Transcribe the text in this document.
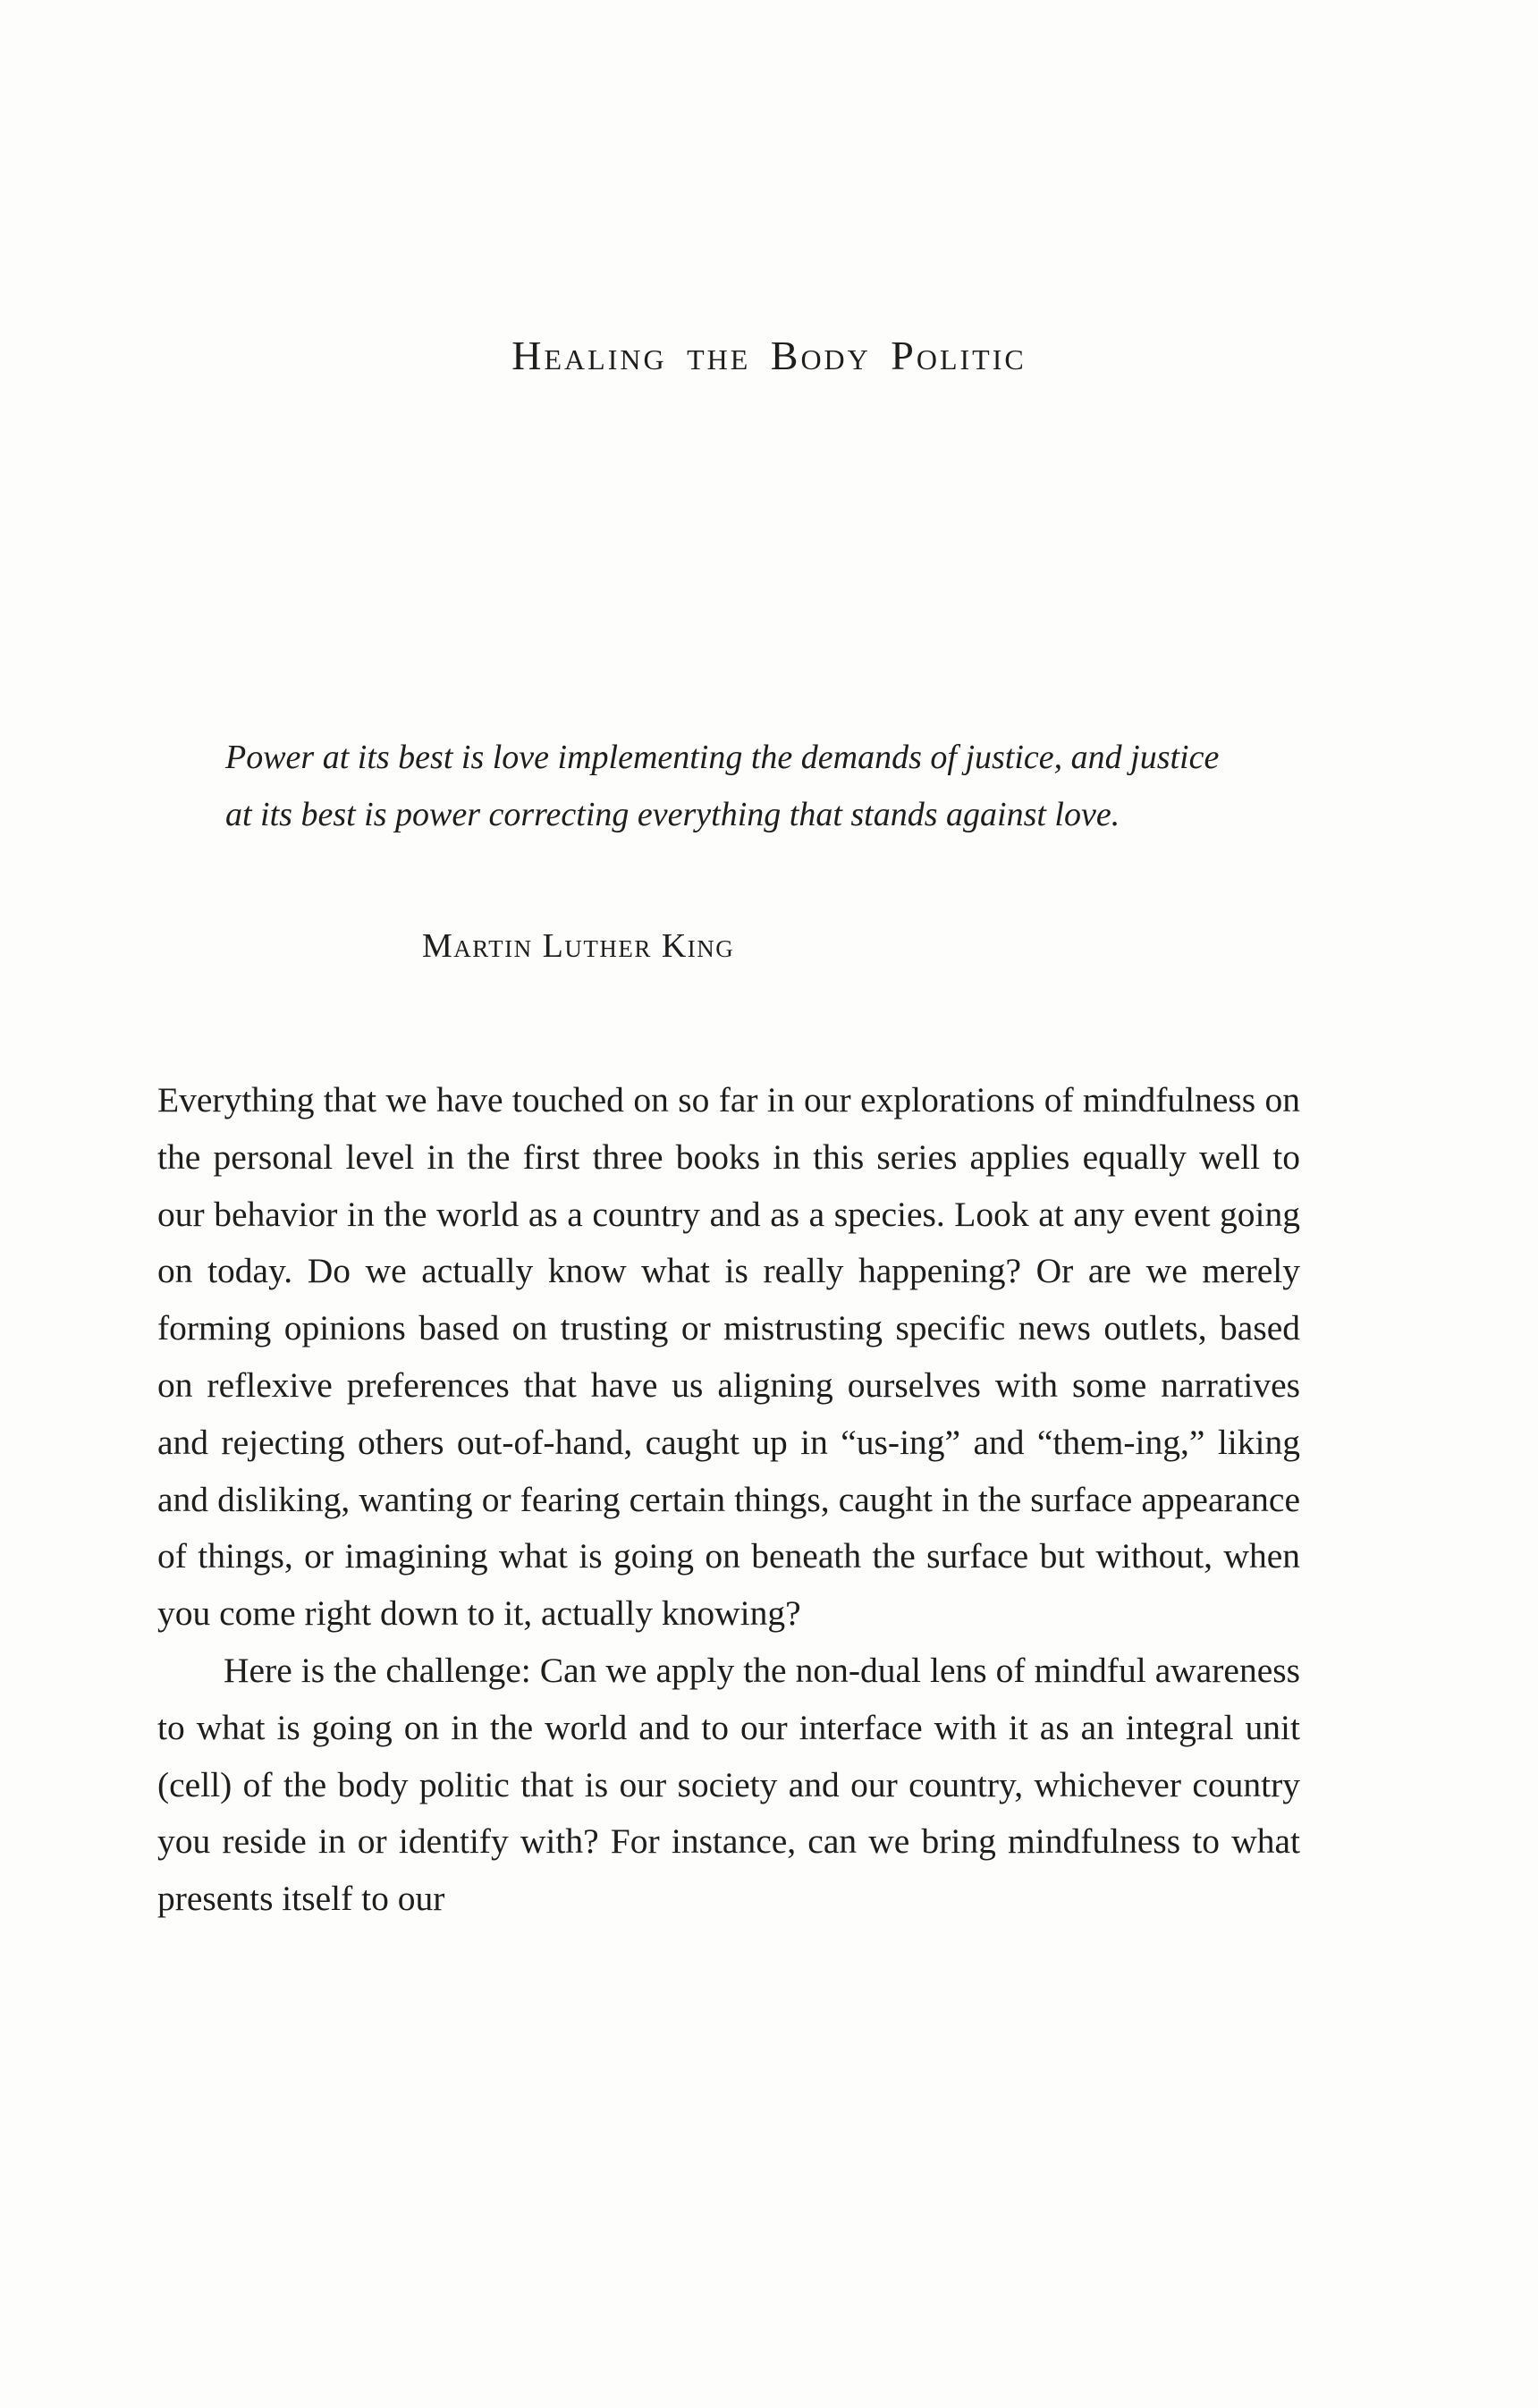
Healing the Body Politic

Power at its best is love implementing the demands of justice, and justice at its best is power correcting everything that stands against love.

Martin Luther King

Everything that we have touched on so far in our explorations of mindfulness on the personal level in the first three books in this series applies equally well to our behavior in the world as a country and as a species. Look at any event going on today. Do we actually know what is really happening? Or are we merely forming opinions based on trusting or mistrusting specific news outlets, based on reflexive preferences that have us aligning ourselves with some narratives and rejecting others out-of-hand, caught up in “us-ing” and “them-ing,” liking and disliking, wanting or fearing certain things, caught in the surface appearance of things, or imagining what is going on beneath the surface but without, when you come right down to it, actually knowing?

Here is the challenge: Can we apply the non-dual lens of mindful awareness to what is going on in the world and to our interface with it as an integral unit (cell) of the body politic that is our society and our country, whichever country you reside in or identify with? For instance, can we bring mindfulness to what presents itself to our
